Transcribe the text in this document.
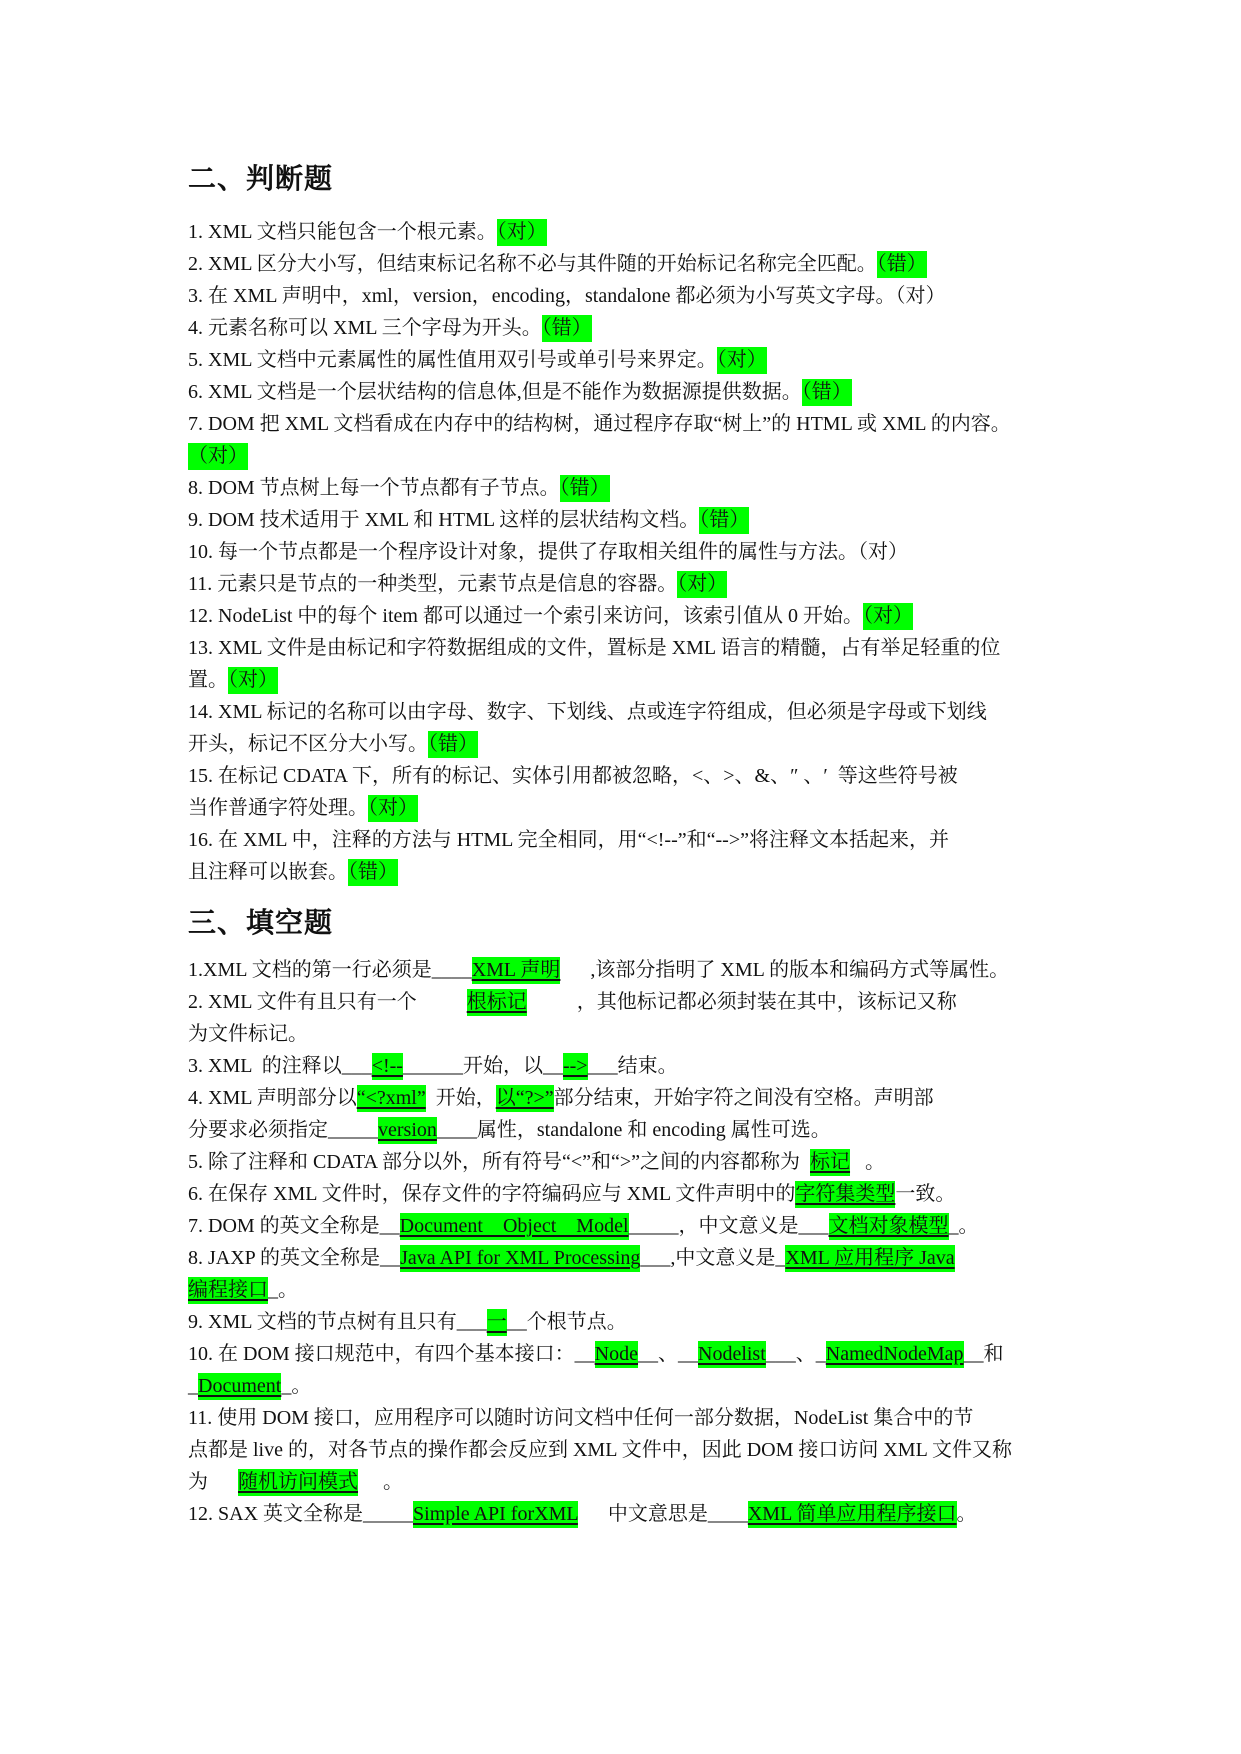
二、判断题
1. XML 文档只能包含一个根元素。（对）
2. XML 区分大小写，但结束标记名称不必与其件随的开始标记名称完全匹配。（错）
3. 在 XML 声明中，xml，version，encoding，standalone 都必须为小写英文字母。（对）
4. 元素名称可以 XML 三个字母为开头。（错）
5. XML 文档中元素属性的属性值用双引号或单引号来界定。（对）
6. XML 文档是一个层状结构的信息体,但是不能作为数据源提供数据。（错）
7. DOM 把 XML 文档看成在内存中的结构树，通过程序存取“树上”的 HTML 或 XML 的内容。
（对）
8. DOM 节点树上每一个节点都有子节点。（错）
9. DOM 技术适用于 XML 和 HTML 这样的层状结构文档。（错）
10. 每一个节点都是一个程序设计对象，提供了存取相关组件的属性与方法。（对）
11. 元素只是节点的一种类型，元素节点是信息的容器。（对）
12. NodeList 中的每个 item 都可以通过一个索引来访问，该索引值从 0 开始。（对）
13. XML 文件是由标记和字符数据组成的文件，置标是 XML 语言的精髓，占有举足轻重的位
置。（对）
14. XML 标记的名称可以由字母、数字、下划线、点或连字符组成，但必须是字母或下划线
开头，标记不区分大小写。（错）
15. 在标记 CDATA 下，所有的标记、实体引用都被忽略，<、>、&、″ 、′  等这些符号被
当作普通字符处理。（对）
16. 在 XML 中，注释的方法与 HTML 完全相同，用“<!--”和“-->”将注释文本括起来，并
且注释可以嵌套。（错）
三、填空题
1.XML 文档的第一行必须是____XML 声明      ,该部分指明了 XML 的版本和编码方式等属性。
2. XML 文件有且只有一个          根标记          ，其他标记都必须封装在其中，该标记又称
为文件标记。
3. XML  的注释以___<!--______开始，以__-->___结束。
4. XML 声明部分以“<?xml”  开始，以“?>”部分结束，开始字符之间没有空格。声明部
分要求必须指定_____version____属性，standalone 和 encoding 属性可选。
5. 除了注释和 CDATA 部分以外，所有符号“<”和“>”之间的内容都称为  标记   。
6. 在保存 XML 文件时，保存文件的字符编码应与 XML 文件声明中的字符集类型一致。
7. DOM 的英文全称是__Document    Object    Model_____，中文意义是___文档对象模型_。
8. JAXP 的英文全称是__Java API for XML Processing___,中文意义是_XML 应用程序 Java
编程接口_。
9. XML 文档的节点树有且只有___一__个根节点。
10. 在 DOM 接口规范中，有四个基本接口：__Node__、__Nodelist___、_NamedNodeMap__和
_Document_。
11. 使用 DOM 接口，应用程序可以随时访问文档中任何一部分数据，NodeList 集合中的节
点都是 live 的，对各节点的操作都会反应到 XML 文件中，因此 DOM 接口访问 XML 文件又称
为      随机访问模式     。
12. SAX 英文全称是_____Simple API forXML      中文意思是____XML 简单应用程序接口。
